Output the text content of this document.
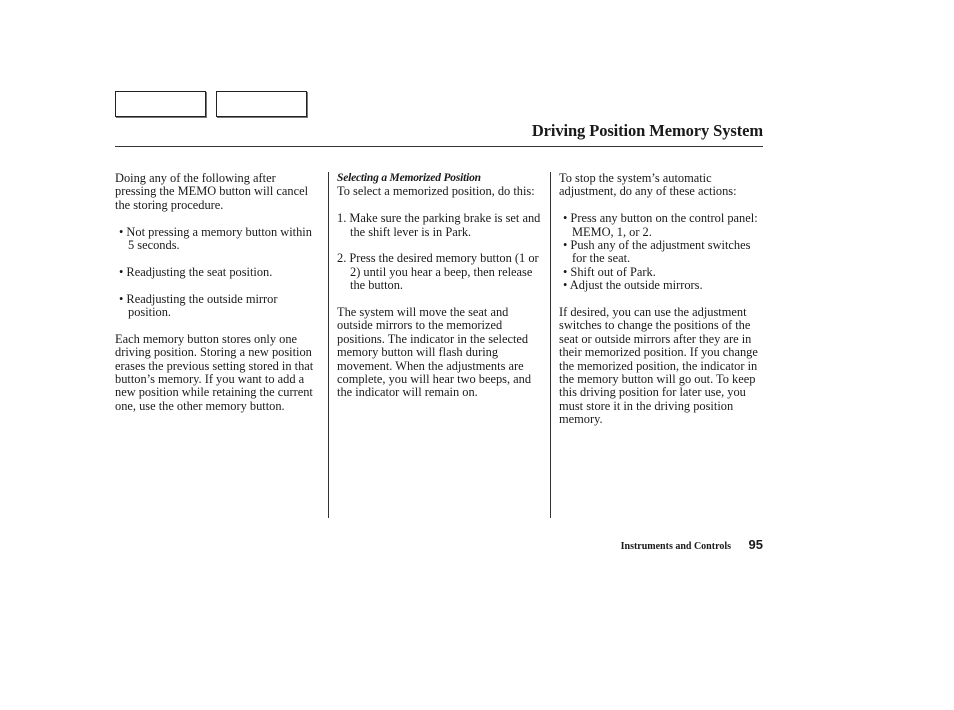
Driving Position Memory System

Doing any of the following after pressing the MEMO button will cancel the storing procedure.

• Not pressing a memory button within 5 seconds.

• Readjusting the seat position.

• Readjusting the outside mirror position.

Each memory button stores only one driving position. Storing a new position erases the previous setting stored in that button’s memory. If you want to add a new position while retaining the current one, use the other memory button.

Selecting a Memorized Position

To select a memorized position, do this:

1. Make sure the parking brake is set and the shift lever is in Park.

2. Press the desired memory button (1 or 2) until you hear a beep, then release the button.

The system will move the seat and outside mirrors to the memorized positions. The indicator in the selected memory button will flash during movement. When the adjustments are complete, you will hear two beeps, and the indicator will remain on.

To stop the system’s automatic adjustment, do any of these actions:

• Press any button on the control panel: MEMO, 1, or 2.

• Push any of the adjustment switches for the seat.

• Shift out of Park.

• Adjust the outside mirrors.

If desired, you can use the adjustment switches to change the positions of the seat or outside mirrors after they are in their memorized position. If you change the memorized position, the indicator in the memory button will go out. To keep this driving position for later use, you must store it in the driving position memory.

Instruments and Controls	95
